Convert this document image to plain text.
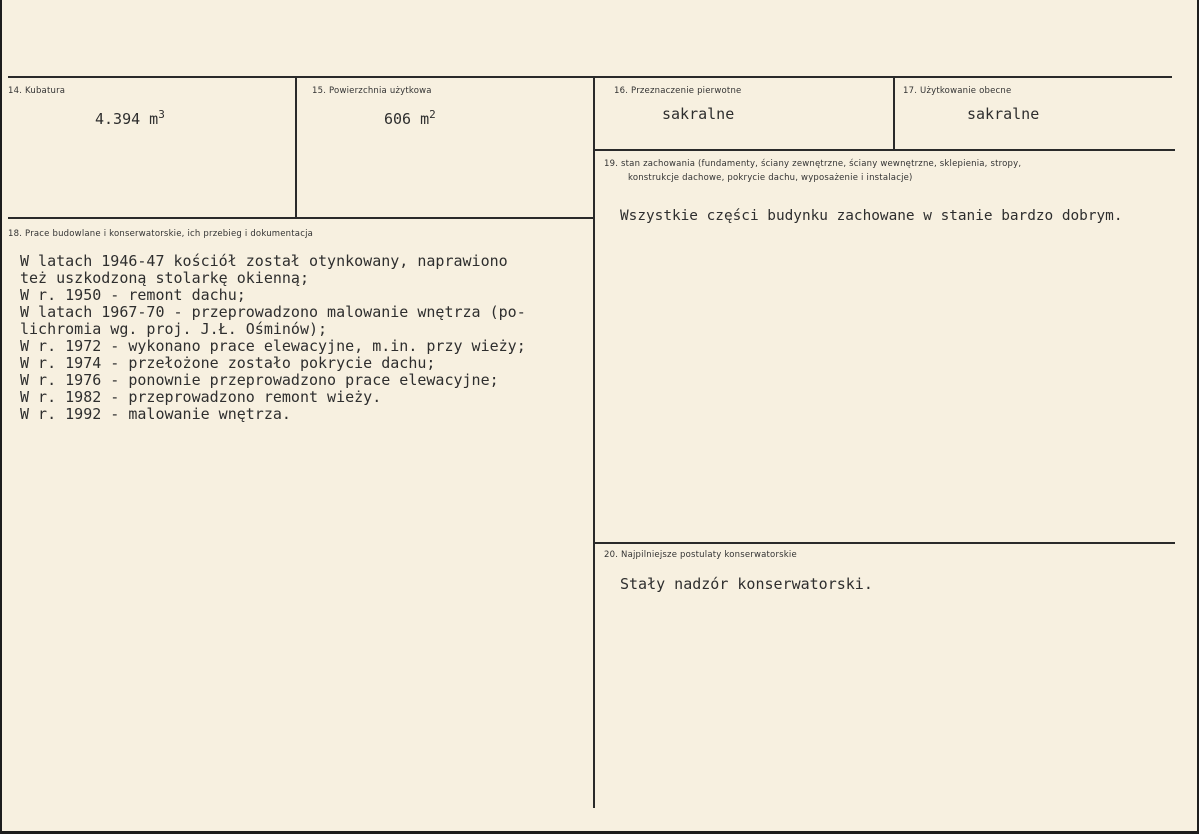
14. Kubatura
4.394 $m^3$
15. Powierzchnia użytkowa
606 $m^2$
16. Przeznaczenie pierwotne
sakralne
17. Użytkowanie obecne
sakralne
18. Prace budowlane i konserwatorskie, ich przebieg i dokumentacja
W latach 1946-47 kościół został otynkowany, naprawiono
też uszkodzoną stolarkę okienną;
W r. 1950 - remont dachu;
W latach 1967-70 - przeprowadzono malowanie wnętrza (po-
lichromia wg. proj. J.Ł. Ośminów);
W r. 1972 - wykonano prace elewacyjne, m.in. przy wieży;
W r. 1974 - przełożone zostało pokrycie dachu;
W r. 1976 - ponownie przeprowadzono prace elewacyjne;
W r. 1982 - przeprowadzono remont wieży.
W r. 1992 - malowanie wnętrza.
19. stan zachowania (fundamenty, ściany zewnętrzne, ściany wewnętrzne, sklepienia, stropy,
konstrukcje dachowe, pokrycie dachu, wyposażenie i instalacje)
Wszystkie części budynku zachowane w stanie bardzo dobrym.
20. Najpilniejsze postulaty konserwatorskie
Stały nadzór konserwatorski.
